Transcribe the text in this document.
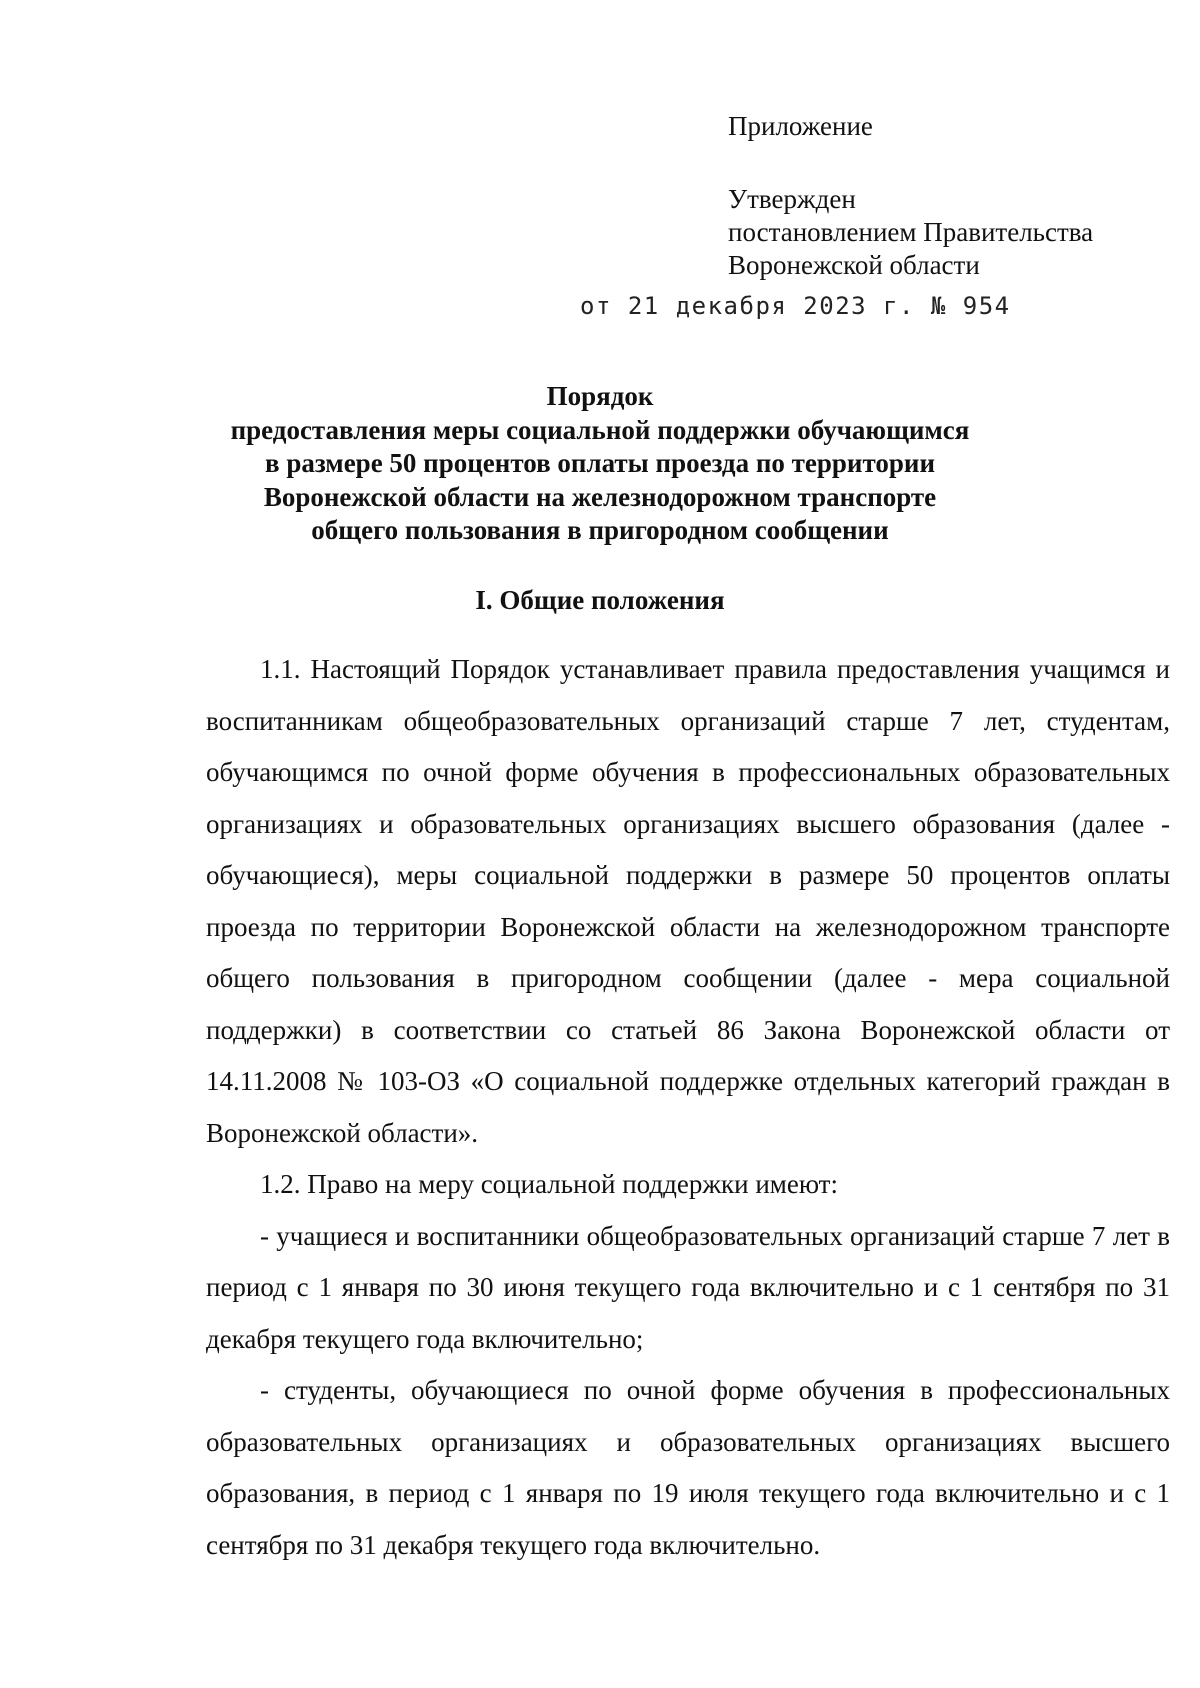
Приложение
Утвержден
постановлением Правительства
Воронежской области
от 21 декабря 2023 г. № 954
Порядок
предоставления меры социальной поддержки обучающимся
в размере 50 процентов оплаты проезда по территории
Воронежской области на железнодорожном транспорте
общего пользования в пригородном сообщении
I. Общие положения

1.1. Настоящий Порядок устанавливает правила предоставления учащимся и воспитанникам общеобразовательных организаций старше 7 лет, студентам, обучающимся по очной форме обучения в профессиональных образовательных организациях и образовательных организациях высшего образования (далее - обучающиеся), меры социальной поддержки в размере 50 процентов оплаты проезда по территории Воронежской области на железнодорожном транспорте общего пользования в пригородном сообщении (далее - мера социальной поддержки) в соответствии со статьей 86 Закона Воронежской области от 14.11.2008 № 103-ОЗ «О социальной поддержке отдельных категорий граждан в Воронежской области».

1.2. Право на меру социальной поддержки имеют:

- учащиеся и воспитанники общеобразовательных организаций старше 7 лет в период с 1 января по 30 июня текущего года включительно и с 1 сентября по 31 декабря текущего года включительно;

- студенты, обучающиеся по очной форме обучения в профессиональных образовательных организациях и образовательных организациях высшего образования, в период с 1 января по 19 июля текущего года включительно и с 1 сентября по 31 декабря текущего года включительно.
